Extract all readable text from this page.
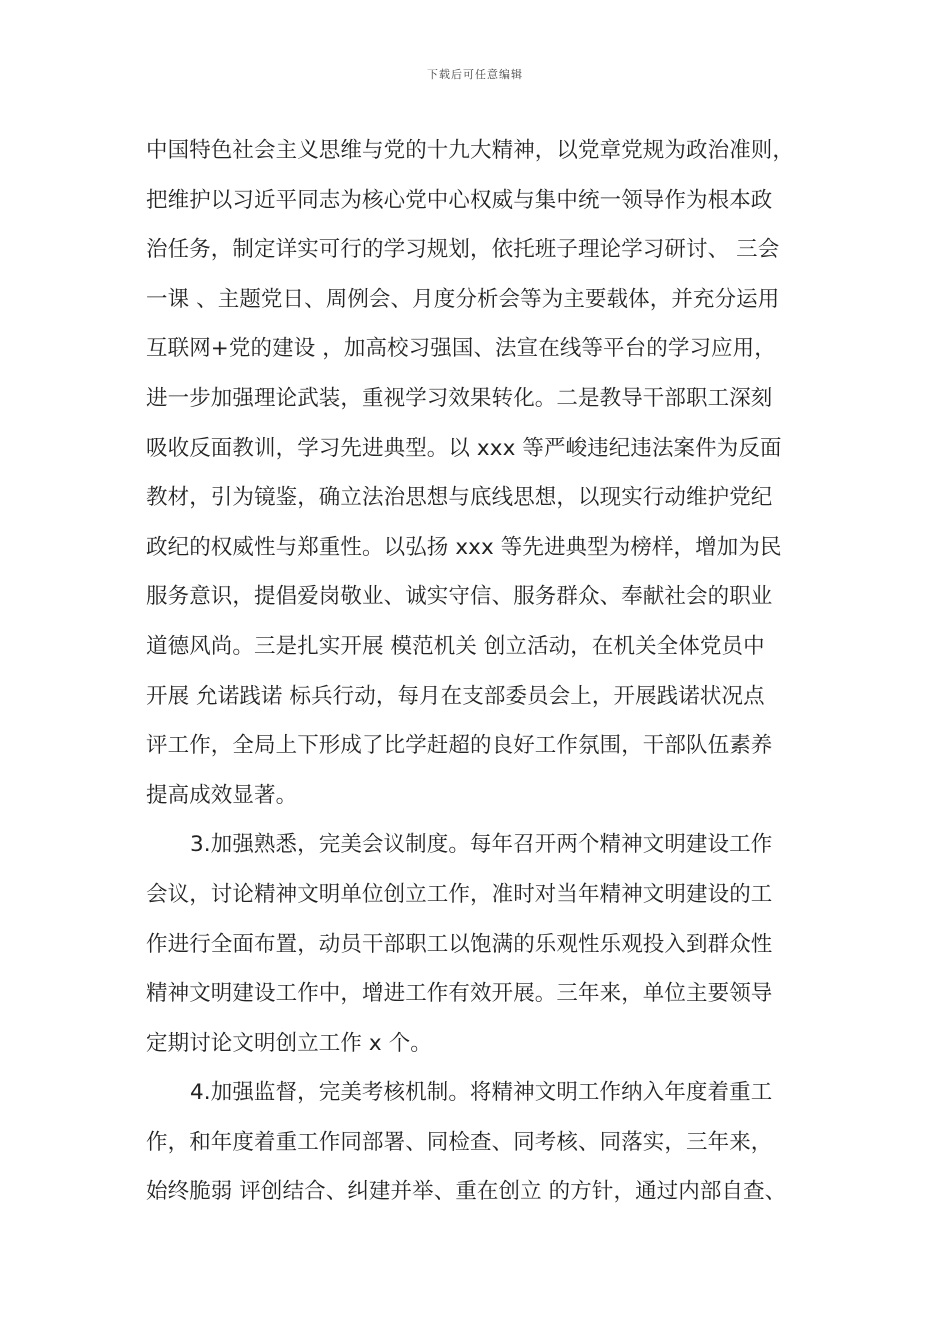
下载后可任意编辑
中国特色社会主义思维与党的十九大精神，以党章党规为政治准则，
把维护以习近平同志为核心党中心权威与集中统一领导作为根本政
治任务，制定详实可行的学习规划，依托班子理论学习研讨、 三会
一课 、主题党日、周例会、月度分析会等为主要载体，并充分运用
互联网+党的建设 ，加高校习强国、法宣在线等平台的学习应用，
进一步加强理论武装，重视学习效果转化。二是教导干部职工深刻
吸收反面教训，学习先进典型。以 xxx 等严峻违纪违法案件为反面
教材，引为镜鉴，确立法治思想与底线思想，以现实行动维护党纪
政纪的权威性与郑重性。以弘扬 xxx 等先进典型为榜样，增加为民
服务意识，提倡爱岗敬业、诚实守信、服务群众、奉献社会的职业
道德风尚。三是扎实开展 模范机关 创立活动，在机关全体党员中
开展 允诺践诺 标兵行动，每月在支部委员会上，开展践诺状况点
评工作，全局上下形成了比学赶超的良好工作氛围，干部队伍素养
提高成效显著。
3.加强熟悉，完美会议制度。每年召开两个精神文明建设工作
会议，讨论精神文明单位创立工作，准时对当年精神文明建设的工
作进行全面布置，动员干部职工以饱满的乐观性乐观投入到群众性
精神文明建设工作中，增进工作有效开展。三年来，单位主要领导
定期讨论文明创立工作 x 个。
4.加强监督，完美考核机制。将精神文明工作纳入年度着重工
作，和年度着重工作同部署、同检查、同考核、同落实，三年来，
始终脆弱 评创结合、纠建并举、重在创立 的方针，通过内部自查、
